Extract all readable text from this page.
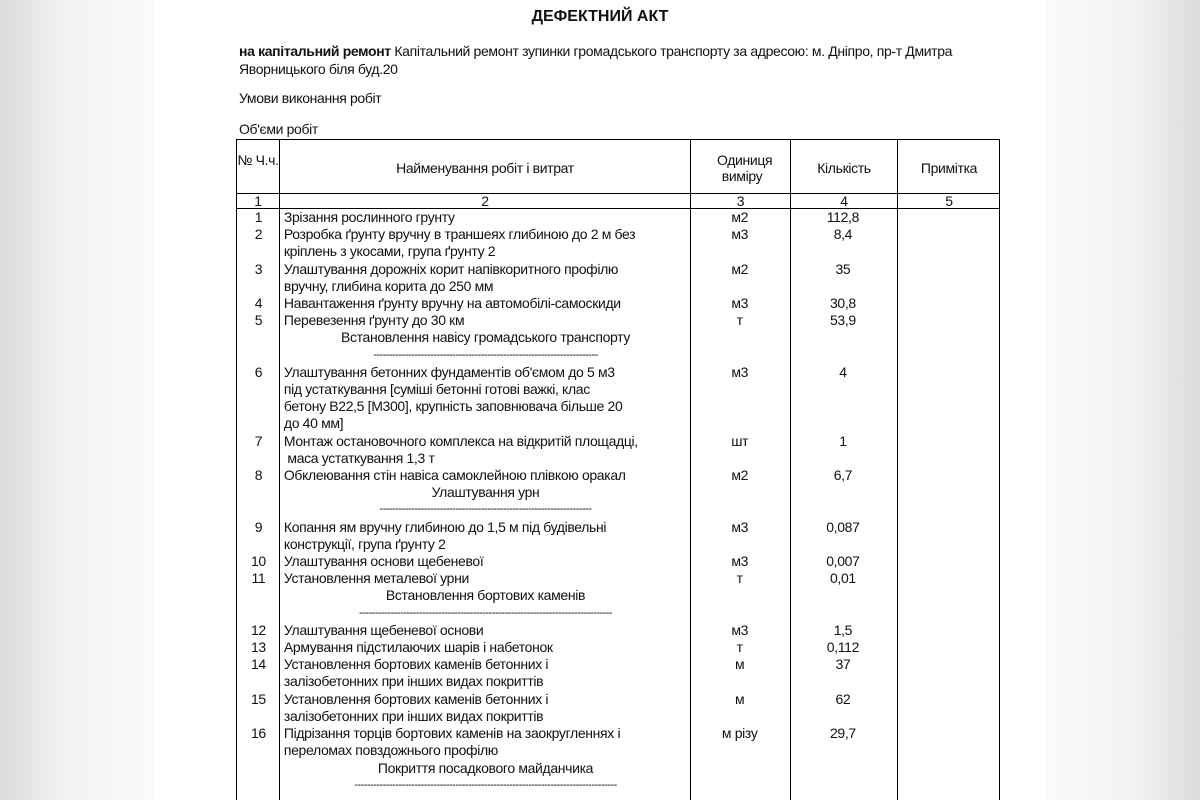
ДЕФЕКТНИЙ АКТ
на капітальний ремонт Капітальний ремонт зупинки громадського транспорту за адресою: м. Дніпро, пр-т Дмитра Яворницького біля буд.20
Умови виконання робіт
Об'єми робіт
№ Ч.ч.	Найменування робіт і витрат	Одиниця виміру	Кількість	Примітка
1	2	3	4	5
1	Зрізання рослинного грунту	м2	112,8
2	Розробка ґрунту вручну в траншеях глибиною до 2 м без	м3	8,4
кріплень з укосами, група ґрунту 2
3	Улаштування дорожніх корит напівкоритного профілю	м2	35
вручну, глибина корита до 250 мм
4	Навантаження ґрунту вручну на автомобілі-самоскиди	м3	30,8
5	Перевезення ґрунту до 30 км	т	53,9
Встановлення навісу громадського транспорту
-----------------------------------------------------------------------
6	Улаштування бетонних фундаментів об'ємом до 5 м3	м3	4
під устаткування [суміші бетонні готові важкі, клас
бетону В22,5 [М300], крупність заповнювача більше 20
до 40 мм]
7	Монтаж остановочного комплекса на відкритій площадці,	шт	1
маса устаткування 1,3 т
8	Обклеювання стін навіса самоклейною плівкою оракал	м2	6,7
Улаштування урн
-------------------------------------------------------------------
9	Копання ям вручну глибиною до 1,5 м під будівельні	м3	0,087
конструкції, група ґрунту 2
10	Улаштування основи щебеневої	м3	0,007
11	Установлення металевої урни	т	0,01
Встановлення бортових каменів
--------------------------------------------------------------------------------
12	Улаштування щебеневої основи	м3	1,5
13	Армування підстилаючих шарів і набетонок	т	0,112
14	Установлення бортових каменів бетонних і	м	37
залізобетонних при інших видах покриттів
15	Установлення бортових каменів бетонних і	м	62
залізобетонних при інших видах покриттів
16	Підрізання торців бортових каменів на заокругленнях і	м різу	29,7
переломах повздожнього профілю
Покриття посадкового майданчика
-----------------------------------------------------------------------------------
